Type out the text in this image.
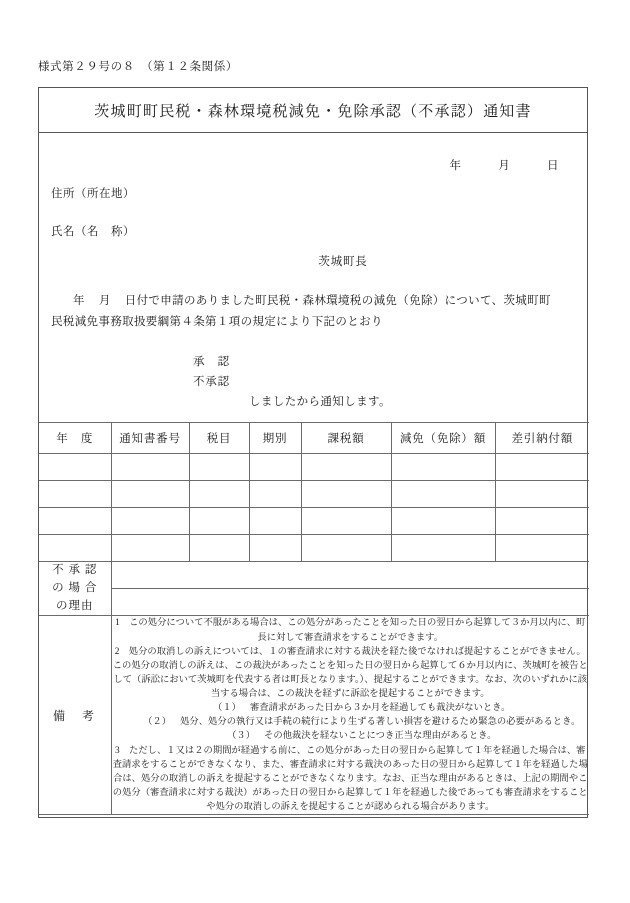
様式第２９号の８　（第１２条関係）
茨城町町民税・森林環境税減免・免除承認（不承認）通知書
年	月	日
住所（所在地）
氏名（名　称）
茨城町長
年 月 日付で申請のありました町民税・森林環境税の減免（免除）について、茨城町町
民税減免事務取扱要綱第４条第１項の規定により下記のとおり
承　認
不承認
しましたから通知します。
年　度	通知書番号	税目	期別	課税額	減免（免除）額	差引納付額

不 承 認
の 場 合
の理由						

備　考	

1　この処分について不服がある場合は、この処分があったことを知った日の翌日から起算して３か月以内に、町長に対して審査請求をすることができます。

2　処分の取消しの訴えについては、１の審査請求に対する裁決を経た後でなければ提起することができません。この処分の取消しの訴えは、この裁決があったことを知った日の翌日から起算して６か月以内に、茨城町を被告として（訴訟において茨城町を代表する者は町長となります。）、提起することができます。なお、次のいずれかに該当する場合は、この裁決を経ずに訴訟を提起することができます。

（１） 審査請求があった日から３か月を経過しても裁決がないとき。

（２） 処分、処分の執行又は手続の続行により生ずる著しい損害を避けるため緊急の必要があるとき。

（３） その他裁決を経ないことにつき正当な理由があるとき。

3　ただし、１又は２の期間が経過する前に、この処分があった日の翌日から起算して１年を経過した場合は、審査請求をすることができなくなり、また、審査請求に対する裁決のあった日の翌日から起算して１年を経過した場合は、処分の取消しの訴えを提起することができなくなります。なお、正当な理由があるときは、上記の期間やこの処分（審査請求に対する裁決）があった日の翌日から起算して１年を経過した後であっても審査請求をすることや処分の取消しの訴えを提起することが認められる場合があります。
